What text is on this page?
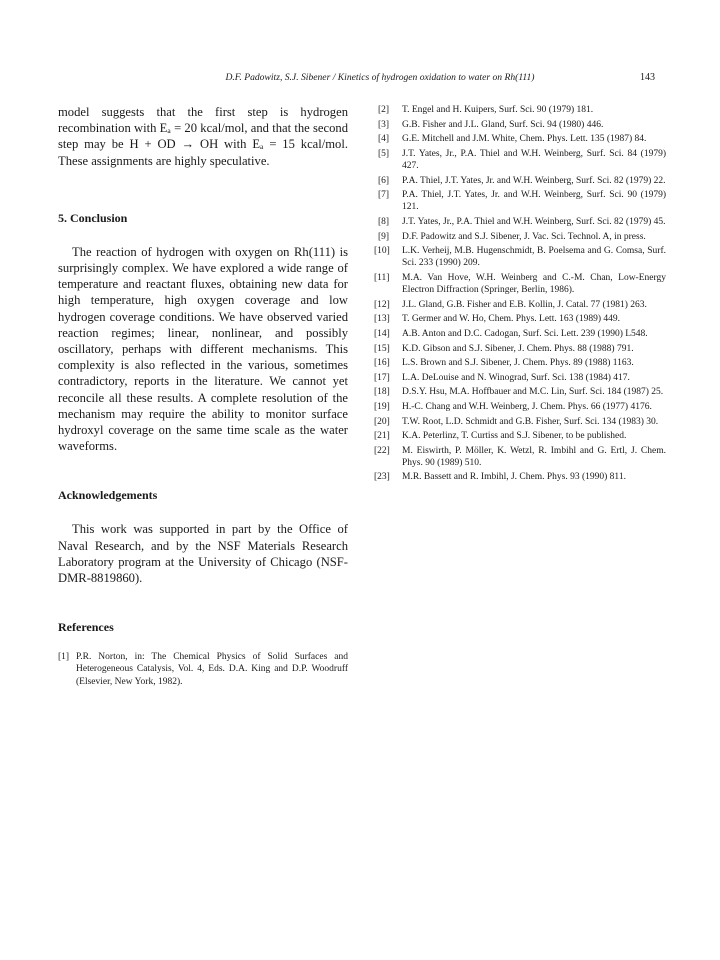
D.F. Padowitz, S.J. Sibener / Kinetics of hydrogen oxidation to water on Rh(111)	143

model suggests that the first step is hydrogen recombination with Eₐ = 20 kcal/mol, and that the second step may be H + OD → OH with Eₐ = 15 kcal/mol. These assignments are highly speculative.

5. Conclusion

The reaction of hydrogen with oxygen on Rh(111) is surprisingly complex. We have explored a wide range of temperature and reactant fluxes, obtaining new data for high temperature, high oxygen coverage and low hydrogen coverage conditions. We have observed varied reaction regimes; linear, nonlinear, and possibly oscillatory, perhaps with different mechanisms. This complexity is also reflected in the various, sometimes contradictory, reports in the literature. We cannot yet reconcile all these results. A complete resolution of the mechanism may require the ability to monitor surface hydroxyl coverage on the same time scale as the water waveforms.

Acknowledgements

This work was supported in part by the Office of Naval Research, and by the NSF Materials Research Laboratory program at the University of Chicago (NSF-DMR-8819860).

References
[1] P.R. Norton, in: The Chemical Physics of Solid Surfaces and Heterogeneous Catalysis, Vol. 4, Eds. D.A. King and D.P. Woodruff (Elsevier, New York, 1982).
[2] T. Engel and H. Kuipers, Surf. Sci. 90 (1979) 181.
[3] G.B. Fisher and J.L. Gland, Surf. Sci. 94 (1980) 446.
[4] G.E. Mitchell and J.M. White, Chem. Phys. Lett. 135 (1987) 84.
[5] J.T. Yates, Jr., P.A. Thiel and W.H. Weinberg, Surf. Sci. 84 (1979) 427.
[6] P.A. Thiel, J.T. Yates, Jr. and W.H. Weinberg, Surf. Sci. 82 (1979) 22.
[7] P.A. Thiel, J.T. Yates, Jr. and W.H. Weinberg, Surf. Sci. 90 (1979) 121.
[8] J.T. Yates, Jr., P.A. Thiel and W.H. Weinberg, Surf. Sci. 82 (1979) 45.
[9] D.F. Padowitz and S.J. Sibener, J. Vac. Sci. Technol. A, in press.
[10] L.K. Verheij, M.B. Hugenschmidt, B. Poelsema and G. Comsa, Surf. Sci. 233 (1990) 209.
[11] M.A. Van Hove, W.H. Weinberg and C.-M. Chan, Low-Energy Electron Diffraction (Springer, Berlin, 1986).
[12] J.L. Gland, G.B. Fisher and E.B. Kollin, J. Catal. 77 (1981) 263.
[13] T. Germer and W. Ho, Chem. Phys. Lett. 163 (1989) 449.
[14] A.B. Anton and D.C. Cadogan, Surf. Sci. Lett. 239 (1990) L548.
[15] K.D. Gibson and S.J. Sibener, J. Chem. Phys. 88 (1988) 791.
[16] L.S. Brown and S.J. Sibener, J. Chem. Phys. 89 (1988) 1163.
[17] L.A. DeLouise and N. Winograd, Surf. Sci. 138 (1984) 417.
[18] D.S.Y. Hsu, M.A. Hoffbauer and M.C. Lin, Surf. Sci. 184 (1987) 25.
[19] H.-C. Chang and W.H. Weinberg, J. Chem. Phys. 66 (1977) 4176.
[20] T.W. Root, L.D. Schmidt and G.B. Fisher, Surf. Sci. 134 (1983) 30.
[21] K.A. Peterlinz, T. Curtiss and S.J. Sibener, to be published.
[22] M. Eiswirth, P. Möller, K. Wetzl, R. Imbihl and G. Ertl, J. Chem. Phys. 90 (1989) 510.
[23] M.R. Bassett and R. Imbihl, J. Chem. Phys. 93 (1990) 811.
